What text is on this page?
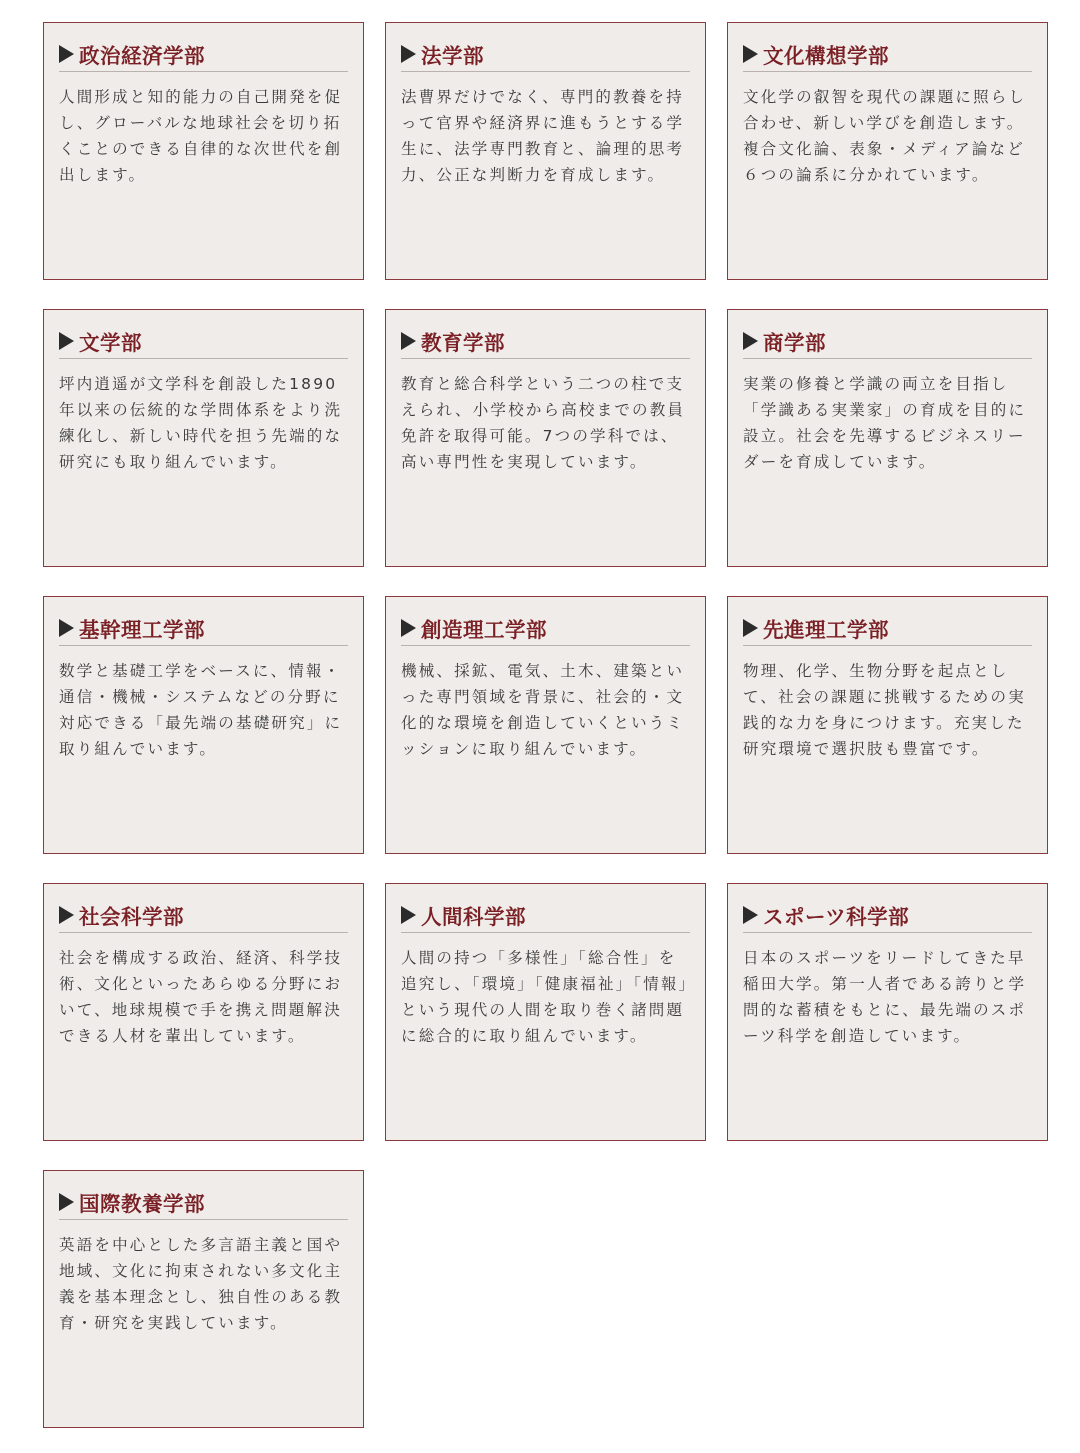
政治経済学部
人間形成と知的能力の自己開発を促し、グローバルな地球社会を切り拓くことのできる自律的な次世代を創出します。
法学部
法曹界だけでなく、専門的教養を持って官界や経済界に進もうとする学生に、法学専門教育と、論理的思考力、公正な判断力を育成します。
文化構想学部
文化学の叡智を現代の課題に照らし合わせ、新しい学びを創造します。複合文化論、表象・メディア論など６つの論系に分かれています。
文学部
坪内逍遥が文学科を創設した1890年以来の伝統的な学問体系をより洗練化し、新しい時代を担う先端的な研究にも取り組んでいます。
教育学部
教育と総合科学という二つの柱で支えられ、小学校から高校までの教員免許を取得可能。7つの学科では、高い専門性を実現しています。
商学部
実業の修養と学識の両立を目指し「学識ある実業家」の育成を目的に設立。社会を先導するビジネスリーダーを育成しています。
基幹理工学部
数学と基礎工学をベースに、情報・通信・機械・システムなどの分野に対応できる「最先端の基礎研究」に取り組んでいます。
創造理工学部
機械、採鉱、電気、土木、建築といった専門領域を背景に、社会的・文化的な環境を創造していくというミッションに取り組んでいます。
先進理工学部
物理、化学、生物分野を起点として、社会の課題に挑戦するための実践的な力を身につけます。充実した研究環境で選択肢も豊富です。
社会科学部
社会を構成する政治、経済、科学技術、文化といったあらゆる分野において、地球規模で手を携え問題解決できる人材を輩出しています。
人間科学部
人間の持つ「多様性」「総合性」を追究し、「環境」「健康福祉」「情報」という現代の人間を取り巻く諸問題に総合的に取り組んでいます。
スポーツ科学部
日本のスポーツをリードしてきた早稲田大学。第一人者である誇りと学問的な蓄積をもとに、最先端のスポーツ科学を創造しています。
国際教養学部
英語を中心とした多言語主義と国や地域、文化に拘束されない多文化主義を基本理念とし、独自性のある教育・研究を実践しています。
